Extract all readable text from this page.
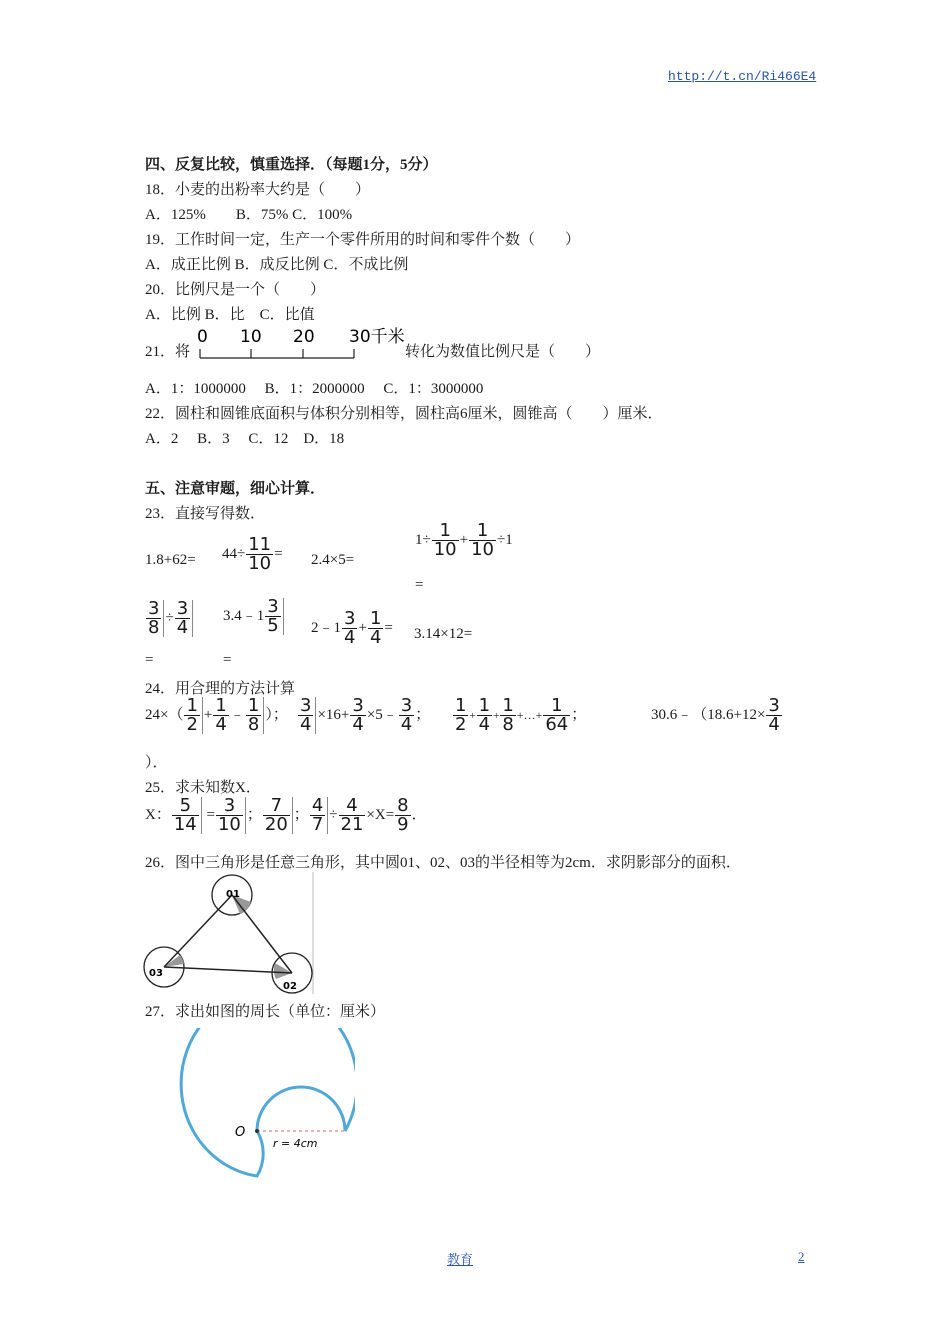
http://t.cn/Ri466E4
四、反复比较，慎重选择．（每题1分，5分）
18．小麦的出粉率大约是（　　）
A．125%　　B．75% C．100%
19．工作时间一定，生产一个零件所用的时间和零件个数（　　）
A．成正比例 B．成反比例 C．不成比例
20．比例尺是一个（　　）
A．比例 B．比　C．比值
21．将
0 10 20 30千米
转化为数值比例尺是（　　）
A．1：1000000　 B．1：2000000　 C．1：3000000
22．圆柱和圆锥底面积与体积分别相等，圆柱高6厘米，圆锥高（　　）厘米．
A．2　 B．3　 C．12　D．18
五、注意审题，细心计算．
23．直接写得数．
$1.8+62= 44\div \frac{11}{10} = 2.4\times 5=$
$1\div \frac{1}{10} + \frac{1}{10} \div 1$
=
$\frac{3}{8} \div \frac{3}{4}$
=
3.4﹣1 $\frac{3}{5}$
=
2﹣1 $\frac{3}{4} + \frac{1}{4} = 3.14\times 12=$
24．用合理的方法计算
$24\times( \frac{1}{2} + \frac{1}{4}$ ﹣ $\frac{1}{8}$ ）； $\frac{3}{4} \times 16+ \frac{3}{4}$ ×5﹣ $\frac{3}{4}$ ； $\frac{1}{2} + \frac{1}{4} + \frac{1}{8}$ +…+ $\frac{1}{64}$ ；	30.6﹣（18.6+12× $\frac{3}{4}$
）．
25．求未知数X．
X： $\frac{5}{14} = \frac{3}{10}$ ； $\frac{7}{20}$ ； $\frac{4}{7} \div \frac{4}{21} \times X= \frac{8}{9}$ ．
26．图中三角形是任意三角形，其中圆01、02、03的半径相等为2cm．求阴影部分的面积．
01
02
03
27．求出如图的周长（单位：厘米）
O
r = 4cm
教育	2
